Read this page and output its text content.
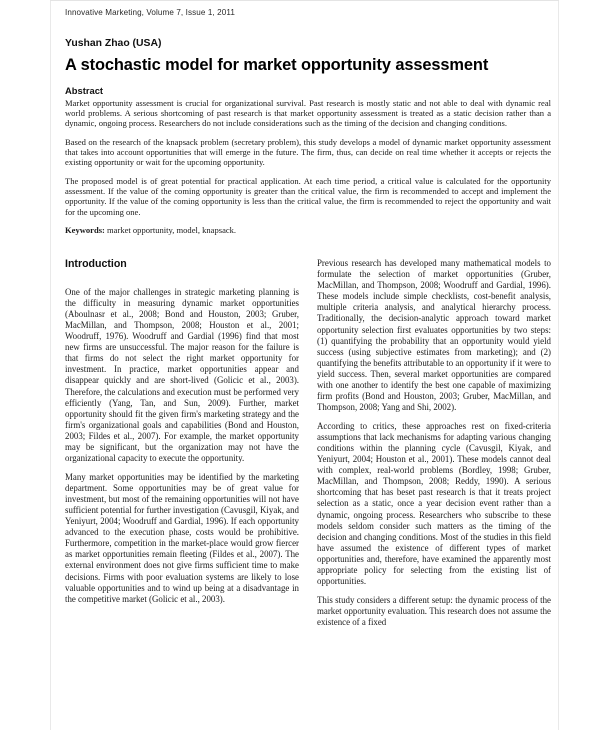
Innovative Marketing, Volume 7, Issue 1, 2011
Yushan Zhao (USA)
A stochastic model for market opportunity assessment
Abstract

Market opportunity assessment is crucial for organizational survival. Past research is mostly static and not able to deal with dynamic real world problems. A serious shortcoming of past research is that market opportunity assessment is treated as a static decision rather than a dynamic, ongoing process. Researchers do not include considerations such as the timing of the decision and changing conditions.

Based on the research of the knapsack problem (secretary problem), this study develops a model of dynamic market opportunity assessment that takes into account opportunities that will emerge in the future. The firm, thus, can decide on real time whether it accepts or rejects the existing opportunity or wait for the upcoming opportunity.

The proposed model is of great potential for practical application. At each time period, a critical value is calculated for the opportunity assessment. If the value of the coming opportunity is greater than the critical value, the firm is recommended to accept and implement the opportunity. If the value of the coming opportunity is less than the critical value, the firm is recommended to reject the opportunity and wait for the upcoming one.

Keywords: market opportunity, model, knapsack.
Introduction

One of the major challenges in strategic marketing planning is the difficulty in measuring dynamic market opportunities (Aboulnasr et al., 2008; Bond and Houston, 2003; Gruber, MacMillan, and Thompson, 2008; Houston et al., 2001; Woodruff, 1976). Woodruff and Gardial (1996) find that most new firms are unsuccessful. The major reason for the failure is that firms do not select the right market opportunity for investment. In practice, market opportunities appear and disappear quickly and are short-lived (Golicic et al., 2003). Therefore, the calculations and execution must be performed very efficiently (Yang, Tan, and Sun, 2009). Further, market opportunity should fit the given firm's marketing strategy and the firm's organizational goals and capabilities (Bond and Houston, 2003; Fildes et al., 2007). For example, the market opportunity may be significant, but the organization may not have the organizational capacity to execute the opportunity.

Many market opportunities may be identified by the marketing department. Some opportunities may be of great value for investment, but most of the remaining opportunities will not have sufficient potential for further investigation (Cavusgil, Kiyak, and Yeniyurt, 2004; Woodruff and Gardial, 1996). If each opportunity advanced to the execution phase, costs would be prohibitive. Furthermore, competition in the market-place would grow fiercer as market opportunities remain fleeting (Fildes et al., 2007). The external environment does not give firms sufficient time to make decisions. Firms with poor evaluation systems are likely to lose valuable opportunities and to wind up being at a disadvantage in the competitive market (Golicic et al., 2003).

Previous research has developed many mathematical models to formulate the selection of market opportunities (Gruber, MacMillan, and Thompson, 2008; Woodruff and Gardial, 1996). These models include simple checklists, cost-benefit analysis, multiple criteria analysis, and analytical hierarchy process. Traditionally, the decision-analytic approach toward market opportunity selection first evaluates opportunities by two steps: (1) quantifying the probability that an opportunity would yield success (using subjective estimates from marketing); and (2) quantifying the benefits attributable to an opportunity if it were to yield success. Then, several market opportunities are compared with one another to identify the best one capable of maximizing firm profits (Bond and Houston, 2003; Gruber, MacMillan, and Thompson, 2008; Yang and Shi, 2002).

According to critics, these approaches rest on fixed-criteria assumptions that lack mechanisms for adapting various changing conditions within the planning cycle (Cavusgil, Kiyak, and Yeniyurt, 2004; Houston et al., 2001). These models cannot deal with complex, real-world problems (Bordley, 1998; Gruber, MacMillan, and Thompson, 2008; Reddy, 1990). A serious shortcoming that has beset past research is that it treats project selection as a static, once a year decision event rather than a dynamic, ongoing process. Researchers who subscribe to these models seldom consider such matters as the timing of the decision and changing conditions. Most of the studies in this field have assumed the existence of different types of market opportunities and, therefore, have examined the apparently most appropriate policy for selecting from the existing list of opportunities.

This study considers a different setup: the dynamic process of the market opportunity evaluation. This research does not assume the existence of a fixed
